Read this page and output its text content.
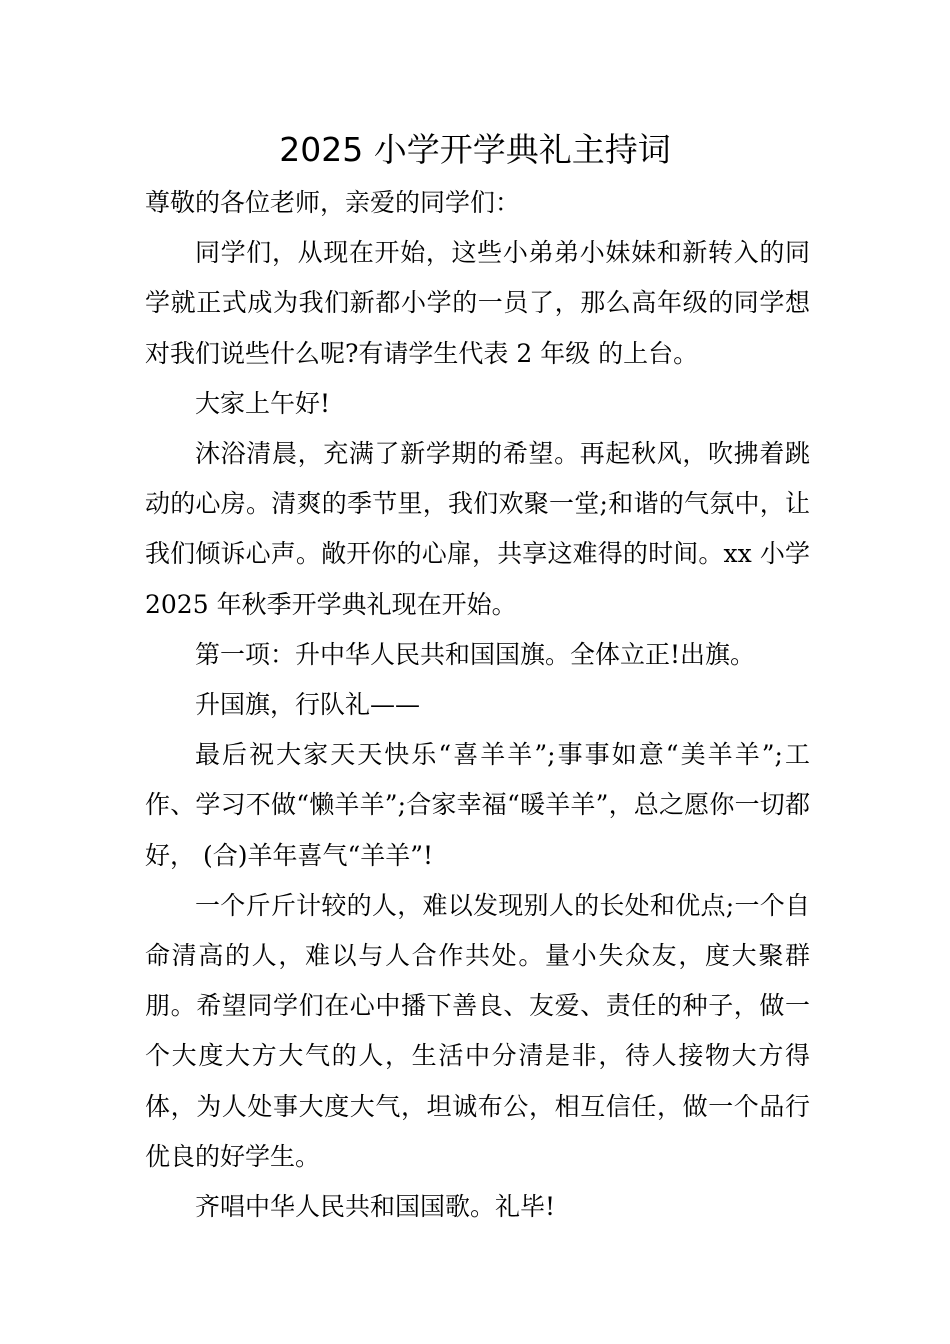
2025 小学开学典礼主持词

尊敬的各位老师，亲爱的同学们：

同学们，从现在开始，这些小弟弟小妹妹和新转入的同学就正式成为我们新都小学的一员了，那么高年级的同学想对我们说些什么呢?有请学生代表 2 年级 的上台。

大家上午好!

沐浴清晨，充满了新学期的希望。再起秋风，吹拂着跳动的心房。清爽的季节里，我们欢聚一堂;和谐的气氛中，让我们倾诉心声。敞开你的心扉，共享这难得的时间。xx 小学 2025 年秋季开学典礼现在开始。

第一项：升中华人民共和国国旗。全体立正!出旗。

升国旗，行队礼——

最后祝大家天天快乐“喜羊羊”;事事如意“美羊羊”;工作、学习不做“懒羊羊”;合家幸福“暖羊羊”，总之愿你一切都好， (合)羊年喜气“羊羊”!

一个斤斤计较的人，难以发现别人的长处和优点;一个自命清高的人，难以与人合作共处。量小失众友，度大聚群朋。希望同学们在心中播下善良、友爱、责任的种子，做一个大度大方大气的人，生活中分清是非，待人接物大方得体，为人处事大度大气，坦诚布公，相互信任，做一个品行优良的好学生。

齐唱中华人民共和国国歌。礼毕!
